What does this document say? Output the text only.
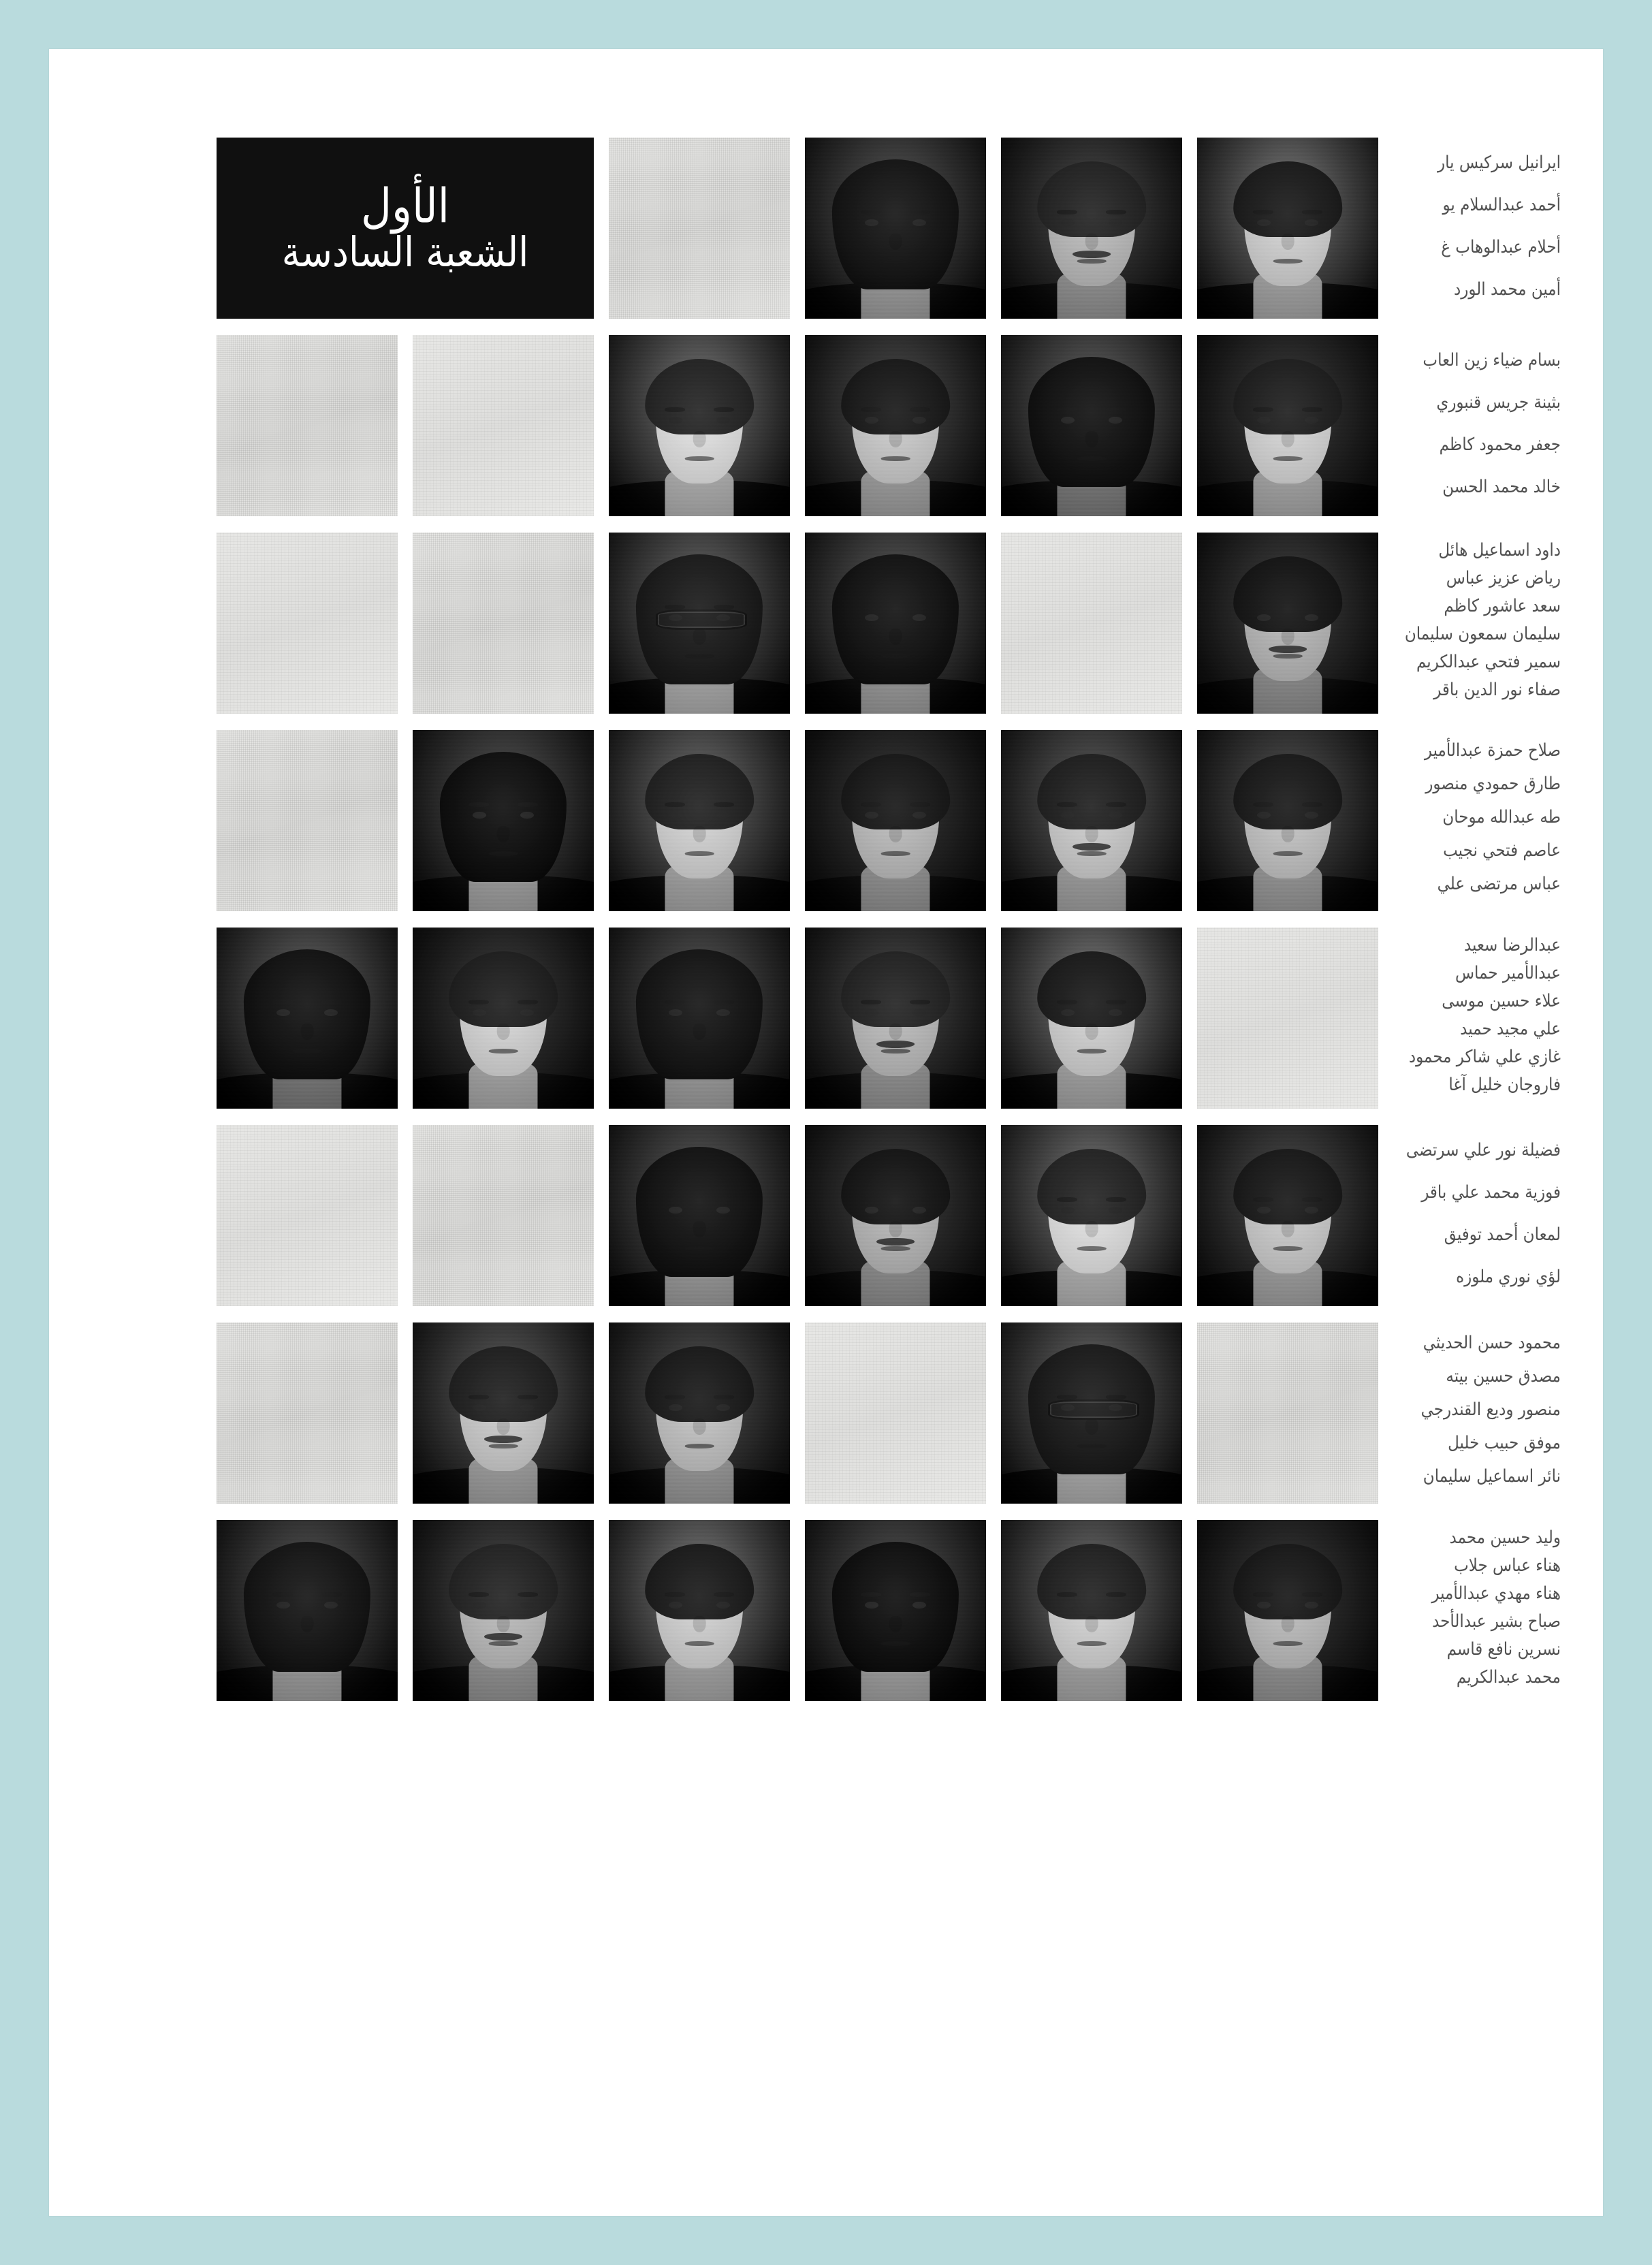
ايرانيل سركيس يار
أحمد عبدالسلام يو
أحلام عبدالوهاب غ
أمين محمد الورد
الأول
الشعبة السادسة
بسام ضياء زين العاب
بثينة جريس قنبوري
جعفر محمود كاظم
خالد محمد الحسن
داود اسماعيل هائل
رياض عزيز عباس
سعد عاشور كاظم
سليمان سمعون سليمان
سمير فتحي عبدالكريم
صفاء نور الدين باقر
صلاح حمزة عبدالأمير
طارق حمودي منصور
طه عبدالله موحان
عاصم فتحي نجيب
عباس مرتضى علي
عبدالرضا سعيد
عبدالأمير حماس
علاء حسين موسى
علي مجيد حميد
غازي علي شاكر محمود
فاروجان خليل آغا
فضيلة نور علي سرتضى
فوزية محمد علي باقر
لمعان أحمد توفيق
لؤي نوري ملوزه
محمود حسن الحديثي
مصدق حسين بيته
منصور وديع القندرجي
موفق حبيب خليل
نائر اسماعيل سليمان
وليد حسين محمد
هناء عباس جلاب
هناء مهدي عبدالأمير
صباح بشير عبدالأحد
نسرين نافع قاسم
محمد عبدالكريم
